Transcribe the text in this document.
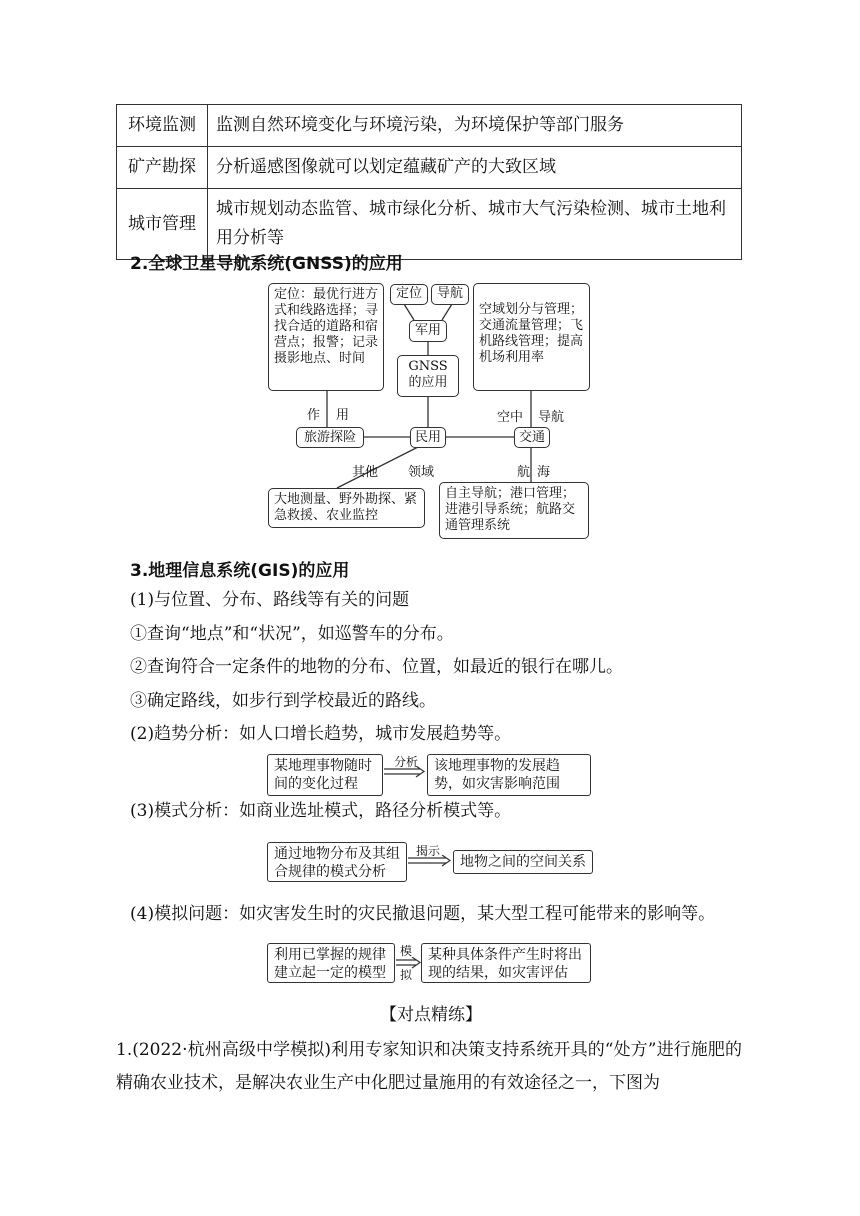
环境监测	监测自然环境变化与环境污染，为环境保护等部门服务
矿产勘探	分析遥感图像就可以划定蕴藏矿产的大致区域
城市管理	城市规划动态监管、城市绿化分析、城市大气污染检测、城市土地利用分析等
2.全球卫星导航系统(GNSS)的应用
定位：最优行进方式和线路选择；寻找合适的道路和宿营点；报警；记录摄影地点、时间
定位	导航
军用
GNSS的应用
空域划分与管理；交通流量管理；飞机路线管理；提高机场利用率
作 用	空中 导航
旅游探险	民用	交通
其他 领域	航 海
大地测量、野外勘探、紧急救援、农业监控
自主导航；港口管理；进港引导系统；航路交通管理系统
3.地理信息系统(GIS)的应用
(1)与位置、分布、路线等有关的问题
①查询“地点”和“状况”，如巡警车的分布。
②查询符合一定条件的地物的分布、位置，如最近的银行在哪儿。
③确定路线，如步行到学校最近的路线。
(2)趋势分析：如人口增长趋势，城市发展趋势等。
某地理事物随时间的变化过程
分析	该地理事物的发展趋势，如灾害影响范围
(3)模式分析：如商业选址模式，路径分析模式等。
通过地物分布及其组合规律的模式分析
揭示
地物之间的空间关系
(4)模拟问题：如灾害发生时的灾民撤退问题，某大型工程可能带来的影响等。
利用已掌握的规律建立起一定的模型
模
拟
某种具体条件产生时将出现的结果，如灾害评估
【对点精练】
1.(2022·杭州高级中学模拟)利用专家知识和决策支持系统开具的“处方”进行施肥的精确农业技术，是解决农业生产中化肥过量施用的有效途径之一，下图为
